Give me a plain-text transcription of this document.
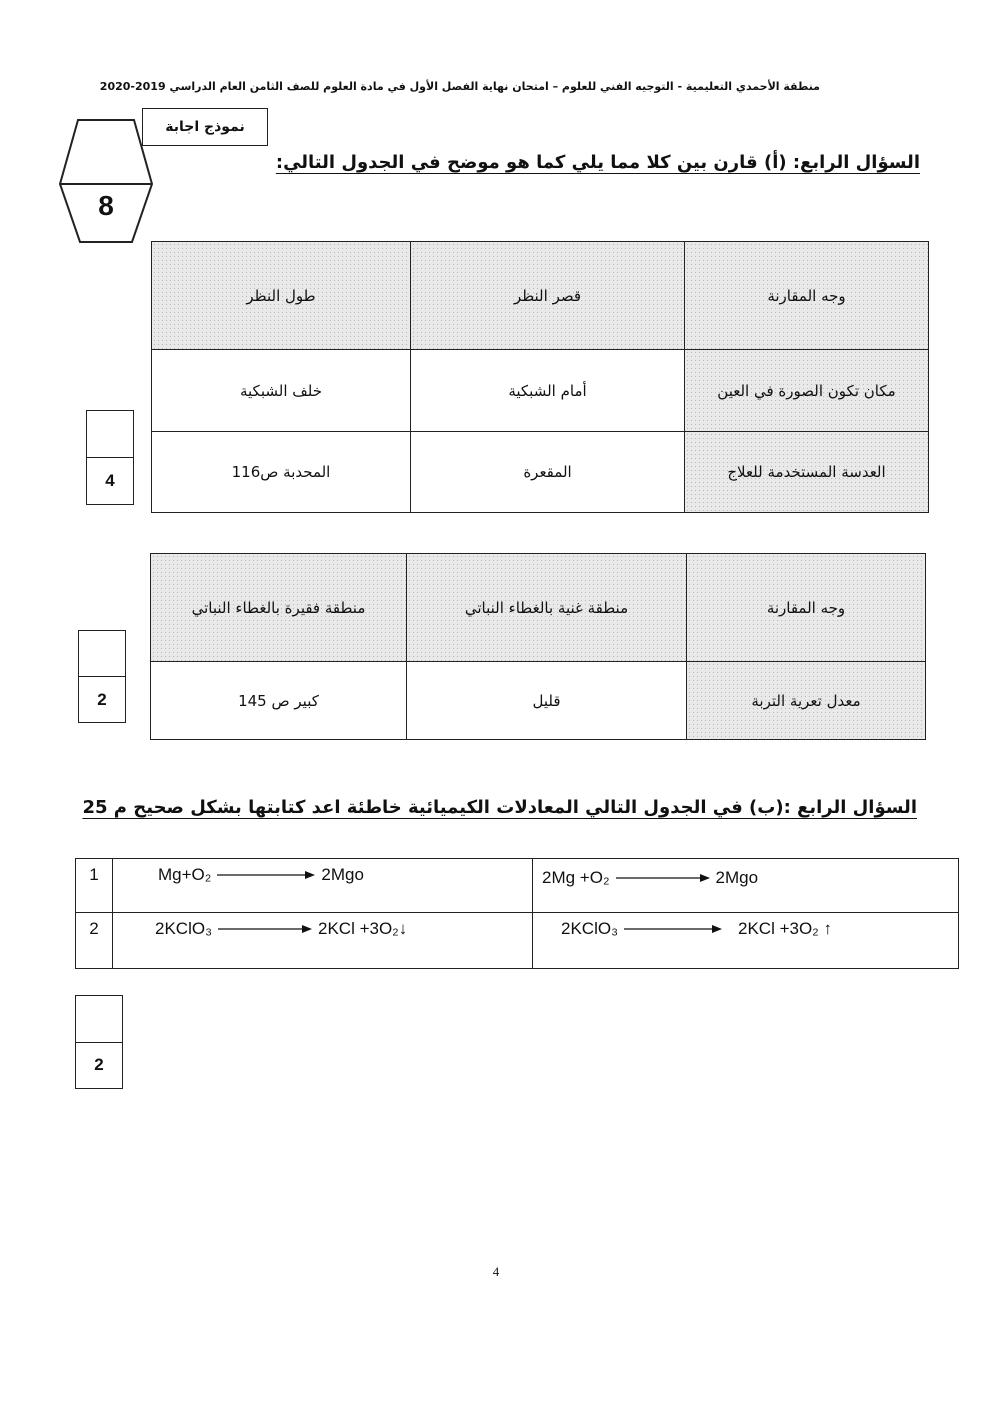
منطقة الأحمدي التعليمية - التوجيه الفني للعلوم – امتحان نهاية الفصل الأول في مادة العلوم للصف الثامن العام الدراسي 2019-2020
نموذج اجابة
8
السؤال الرابع: (أ) قارن بين كلا مما يلي كما هو موضح في الجدول التالي:
وجه المقارنة	قصر النظر	طول النظر
مكان تكون الصورة في العين	أمام الشبكية	خلف الشبكية
العدسة المستخدمة للعلاج	المقعرة	المحدبة ص116
4
وجه المقارنة	منطقة غنية بالغطاء النباتي	منطقة فقيرة بالغطاء النباتي
معدل تعرية التربة	قليل	كبير ص 145
2
السؤال الرابع :(ب) في الجدول التالي المعادلات الكيميائية خاطئة اعد كتابتها بشكل صحيح م 25
1	Mg+O₂ 2Mgo	2Mg +O₂ 2Mgo

2	2KClO₃ 2KCl +3O₂↓	2KClO₃ 2KCl +3O₂ ↑
2
4
